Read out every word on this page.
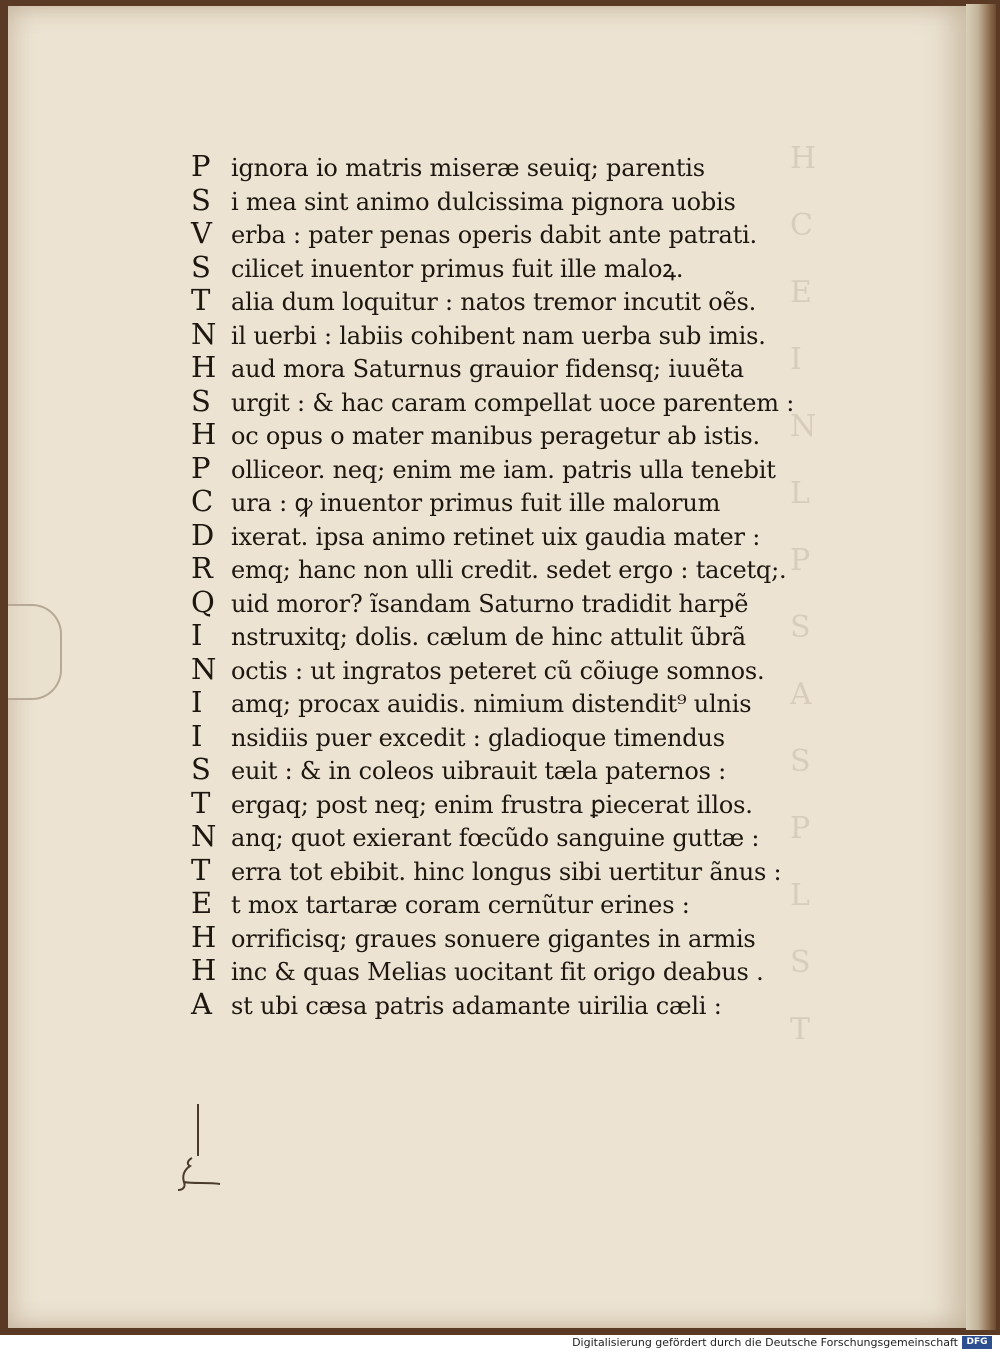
H
C
E
I
N
L
P
S
A
S
P
L
S
T
P ignora io matris miseræ seuiq; parentis
S i mea sint animo dulcissima pignora uobis
V erba : pater penas operis dabit ante patrati.
S cilicet inuentor primus fuit ille maloꝝ.
T alia dum loquitur : natos tremor incutit oẽs.
N il uerbi : labiis cohibent nam uerba sub imis.
H aud mora Saturnus grauior fidensq; iuuẽta
S urgit : & hac caram compellat uoce parentem :
H oc opus o mater manibus peragetur ab istis.
P olliceor. neq; enim me iam. patris ulla tenebit
C ura : ꝙ inuentor primus fuit ille malorum
D ixerat. ipsa animo retinet uix gaudia mater :
R emq; hanc non ulli credit. sedet ergo : tacetq;.
Q uid moror? ĩsandam Saturno tradidit harpẽ
I	nstruxitq; dolis. cælum de hinc attulit ũbrã
N octis : ut ingratos peteret cũ cõiuge somnos.
I	amq; procax auidis. nimium distendit⁹ ulnis
I	nsidiis puer excedit : gladioque timendus
S euit : & in coleos uibrauit tæla paternos :
T ergaq; post neq; enim frustra ꝑiecerat illos.
N anq; quot exierant fœcũdo sanguine guttæ :
T erra tot ebibit. hinc longus sibi uertitur ãnus :
E t mox tartaræ coram cernũtur erines :
H orrificisq; graues sonuere gigantes in armis
H inc & quas Melias uocitant fit origo deabus .
A st ubi cæsa patris adamante uirilia cæli :
Digitalisierung gefördert durch die Deutsche Forschungsgemeinschaft DFG
